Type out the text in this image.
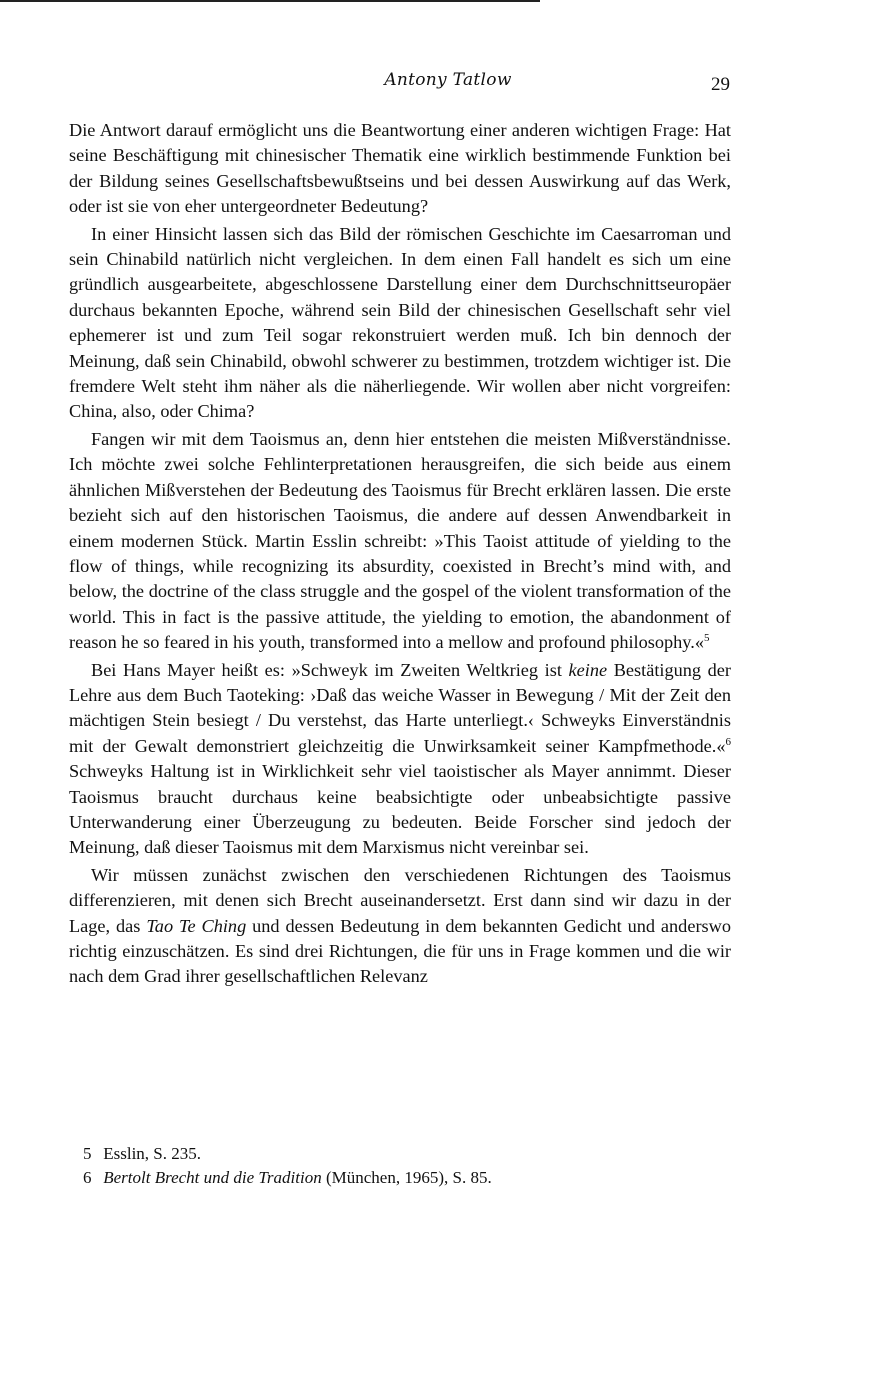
Antony Tatlow	29

Die Antwort darauf ermöglicht uns die Beantwortung einer anderen wichtigen Frage: Hat seine Beschäftigung mit chinesischer Thematik eine wirklich bestimmende Funktion bei der Bildung seines Gesellschaftsbewußtseins und bei dessen Auswirkung auf das Werk, oder ist sie von eher untergeordneter Bedeutung?

In einer Hinsicht lassen sich das Bild der römischen Geschichte im Caesarroman und sein Chinabild natürlich nicht vergleichen. In dem einen Fall handelt es sich um eine gründlich ausgearbeitete, abgeschlossene Darstellung einer dem Durchschnittseuropäer durchaus bekannten Epoche, während sein Bild der chinesischen Gesellschaft sehr viel ephemerer ist und zum Teil sogar rekonstruiert werden muß. Ich bin dennoch der Meinung, daß sein Chinabild, obwohl schwerer zu bestimmen, trotzdem wichtiger ist. Die fremdere Welt steht ihm näher als die näherliegende. Wir wollen aber nicht vorgreifen: China, also, oder Chima?

Fangen wir mit dem Taoismus an, denn hier entstehen die meisten Mißverständnisse. Ich möchte zwei solche Fehlinterpretationen herausgreifen, die sich beide aus einem ähnlichen Mißverstehen der Bedeutung des Taoismus für Brecht erklären lassen. Die erste bezieht sich auf den historischen Taoismus, die andere auf dessen Anwendbarkeit in einem modernen Stück. Martin Esslin schreibt: »This Taoist attitude of yielding to the flow of things, while recognizing its absurdity, coexisted in Brecht’s mind with, and below, the doctrine of the class struggle and the gospel of the violent transformation of the world. This in fact is the passive attitude, the yielding to emotion, the abandonment of reason he so feared in his youth, transformed into a mellow and profound philosophy.«$^5$

Bei Hans Mayer heißt es: »Schweyk im Zweiten Weltkrieg ist keine Bestätigung der Lehre aus dem Buch Taoteking: ›Daß das weiche Wasser in Bewegung / Mit der Zeit den mächtigen Stein besiegt / Du verstehst, das Harte unterliegt.‹ Schweyks Einverständnis mit der Gewalt demonstriert gleichzeitig die Unwirksamkeit seiner Kampfmethode.«$^6$ Schweyks Haltung ist in Wirklichkeit sehr viel taoistischer als Mayer annimmt. Dieser Taoismus braucht durchaus keine beabsichtigte oder unbeabsichtigte passive Unterwanderung einer Überzeugung zu bedeuten. Beide Forscher sind jedoch der Meinung, daß dieser Taoismus mit dem Marxismus nicht vereinbar sei.

Wir müssen zunächst zwischen den verschiedenen Richtungen des Taoismus differenzieren, mit denen sich Brecht auseinandersetzt. Erst dann sind wir dazu in der Lage, das Tao Te Ching und dessen Bedeutung in dem bekannten Gedicht und anderswo richtig einzuschätzen. Es sind drei Richtungen, die für uns in Frage kommen und die wir nach dem Grad ihrer gesellschaftlichen Relevanz

5 Esslin, S. 235.

6 Bertolt Brecht und die Tradition (München, 1965), S. 85.
